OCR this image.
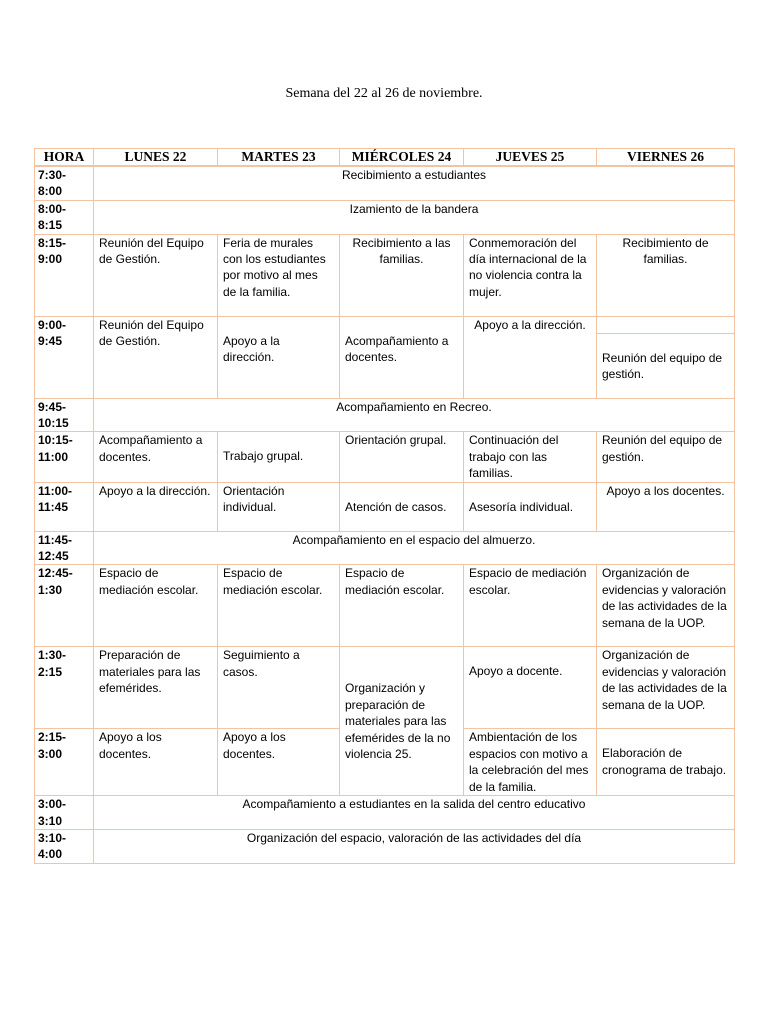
Semana del 22 al 26 de noviembre.
HORA	LUNES 22	MARTES 23	MIÉRCOLES 24	JUEVES 25	VIERNES 26
7:30-
8:00	Recibimiento a estudiantes				
8:00-
8:15	Izamiento de la bandera				
8:15-
9:00	Reunión del Equipo de Gestión.	Feria de murales con los estudiantes por motivo al mes de la familia.	Recibimiento a las familias.	Conmemoración del día internacional de la no violencia contra la mujer.	Recibimiento de familias.
9:00-
9:45	Reunión del Equipo de Gestión.	Apoyo a la dirección.	Acompañamiento a docentes.	Apoyo a la dirección.	Reunión del equipo de gestión.

9:45-
10:15	Acompañamiento en Recreo.				
10:15-
11:00	Acompañamiento a docentes.	Trabajo grupal.	Orientación grupal.	Continuación del trabajo con las familias.	Reunión del equipo de gestión.
11:00-
11:45	Apoyo a la dirección.	Orientación individual.	Atención de casos.	Asesoría individual.	Apoyo a los docentes.
11:45-
12:45	Acompañamiento en el espacio del almuerzo.				
12:45-
1:30	Espacio de mediación escolar.	Espacio de mediación escolar.	Espacio de mediación escolar.	Espacio de mediación escolar.	Organización de evidencias y valoración de las actividades de la semana de la UOP.
1:30-
2:15	Preparación de materiales para las efemérides.	Seguimiento a casos.	Organización y preparación de materiales para las efemérides de la no violencia 25.	Apoyo a docente.	Organización de evidencias y valoración de las actividades de la semana de la UOP.
2:15-
3:00	Apoyo a los docentes.	Apoyo a los docentes.		Ambientación de los espacios con motivo a la celebración del mes de la familia.	Elaboración de cronograma de trabajo.
3:00-
3:10	Acompañamiento a estudiantes en la salida del centro educativo				
3:10-
4:00	Organización del espacio, valoración de las actividades del día				
